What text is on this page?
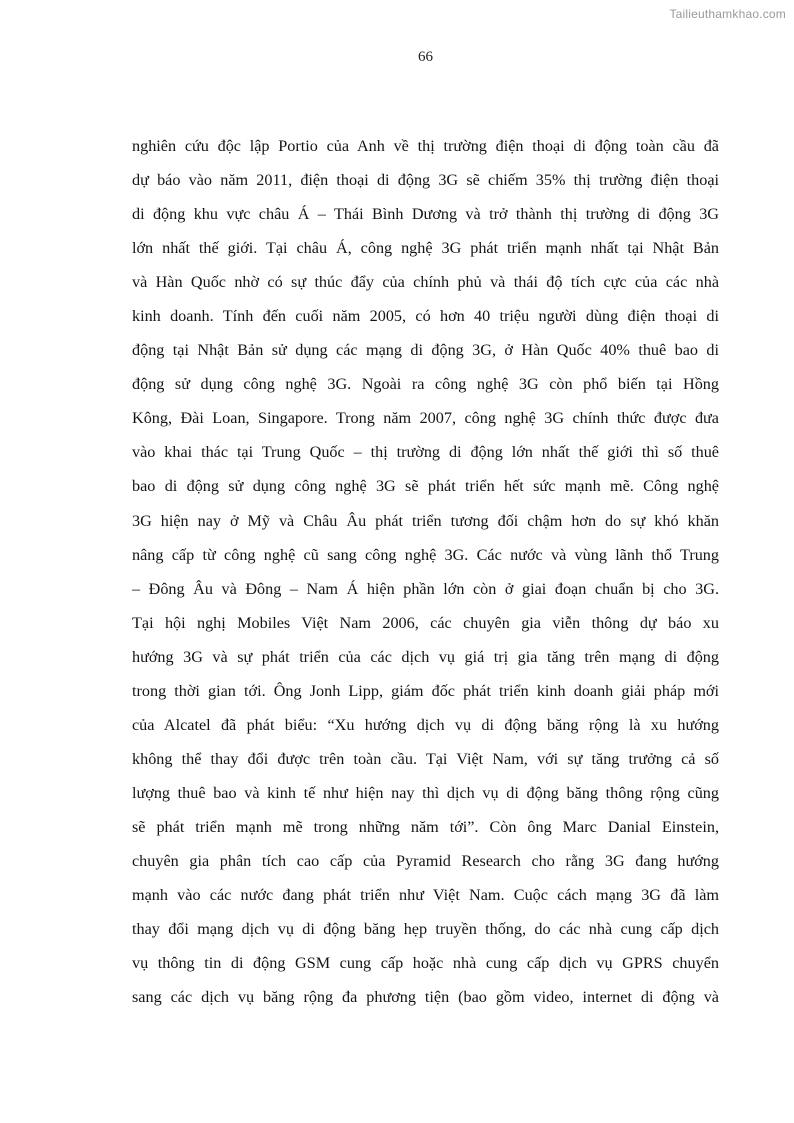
Tailieuthamkhao.com
66
nghiên cứu độc lập Portio của Anh về thị trường điện thoại di động toàn cầu đã
dự báo vào năm 2011, điện thoại di động 3G sẽ chiếm 35% thị trường điện thoại
di động khu vực châu Á – Thái Bình Dương và trở thành thị trường di động 3G
lớn nhất thế giới. Tại châu Á, công nghệ 3G phát triển mạnh nhất tại Nhật Bản
và Hàn Quốc nhờ có sự thúc đẩy của chính phủ và thái độ tích cực của các nhà
kinh doanh. Tính đến cuối năm 2005, có hơn 40 triệu người dùng điện thoại di
động tại Nhật Bản sử dụng các mạng di động 3G, ở Hàn Quốc 40% thuê bao di
động sử dụng công nghệ 3G. Ngoài ra công nghệ 3G còn phổ biến tại Hồng
Kông, Đài Loan, Singapore. Trong năm 2007, công nghệ 3G chính thức được đưa
vào khai thác tại Trung Quốc – thị trường di động lớn nhất thế giới thì số thuê
bao di động sử dụng công nghệ 3G sẽ phát triển hết sức mạnh mẽ. Công nghệ
3G hiện nay ở Mỹ và Châu Âu phát triển tương đối chậm hơn do sự khó khăn
nâng cấp từ công nghệ cũ sang công nghệ 3G. Các nước và vùng lãnh thổ Trung
– Đông Âu và Đông – Nam Á hiện phần lớn còn ở giai đoạn chuẩn bị cho 3G.
Tại hội nghị Mobiles Việt Nam 2006, các chuyên gia viễn thông dự báo xu
hướng 3G và sự phát triển của các dịch vụ giá trị gia tăng trên mạng di động
trong thời gian tới. Ông Jonh Lipp, giám đốc phát triển kinh doanh giải pháp mới
của Alcatel đã phát biểu: “Xu hướng dịch vụ di động băng rộng là xu hướng
không thể thay đổi được trên toàn cầu. Tại Việt Nam, với sự tăng trưởng cả số
lượng thuê bao và kinh tế như hiện nay thì dịch vụ di động băng thông rộng cũng
sẽ phát triển mạnh mẽ trong những năm tới”. Còn ông Marc Danial Einstein,
chuyên gia phân tích cao cấp của Pyramid Research cho rằng 3G đang hướng
mạnh vào các nước đang phát triển như Việt Nam. Cuộc cách mạng 3G đã làm
thay đổi mạng dịch vụ di động băng hẹp truyền thống, do các nhà cung cấp dịch
vụ thông tin di động GSM cung cấp hoặc nhà cung cấp dịch vụ GPRS chuyển
sang các dịch vụ băng rộng đa phương tiện (bao gồm video, internet di động và
